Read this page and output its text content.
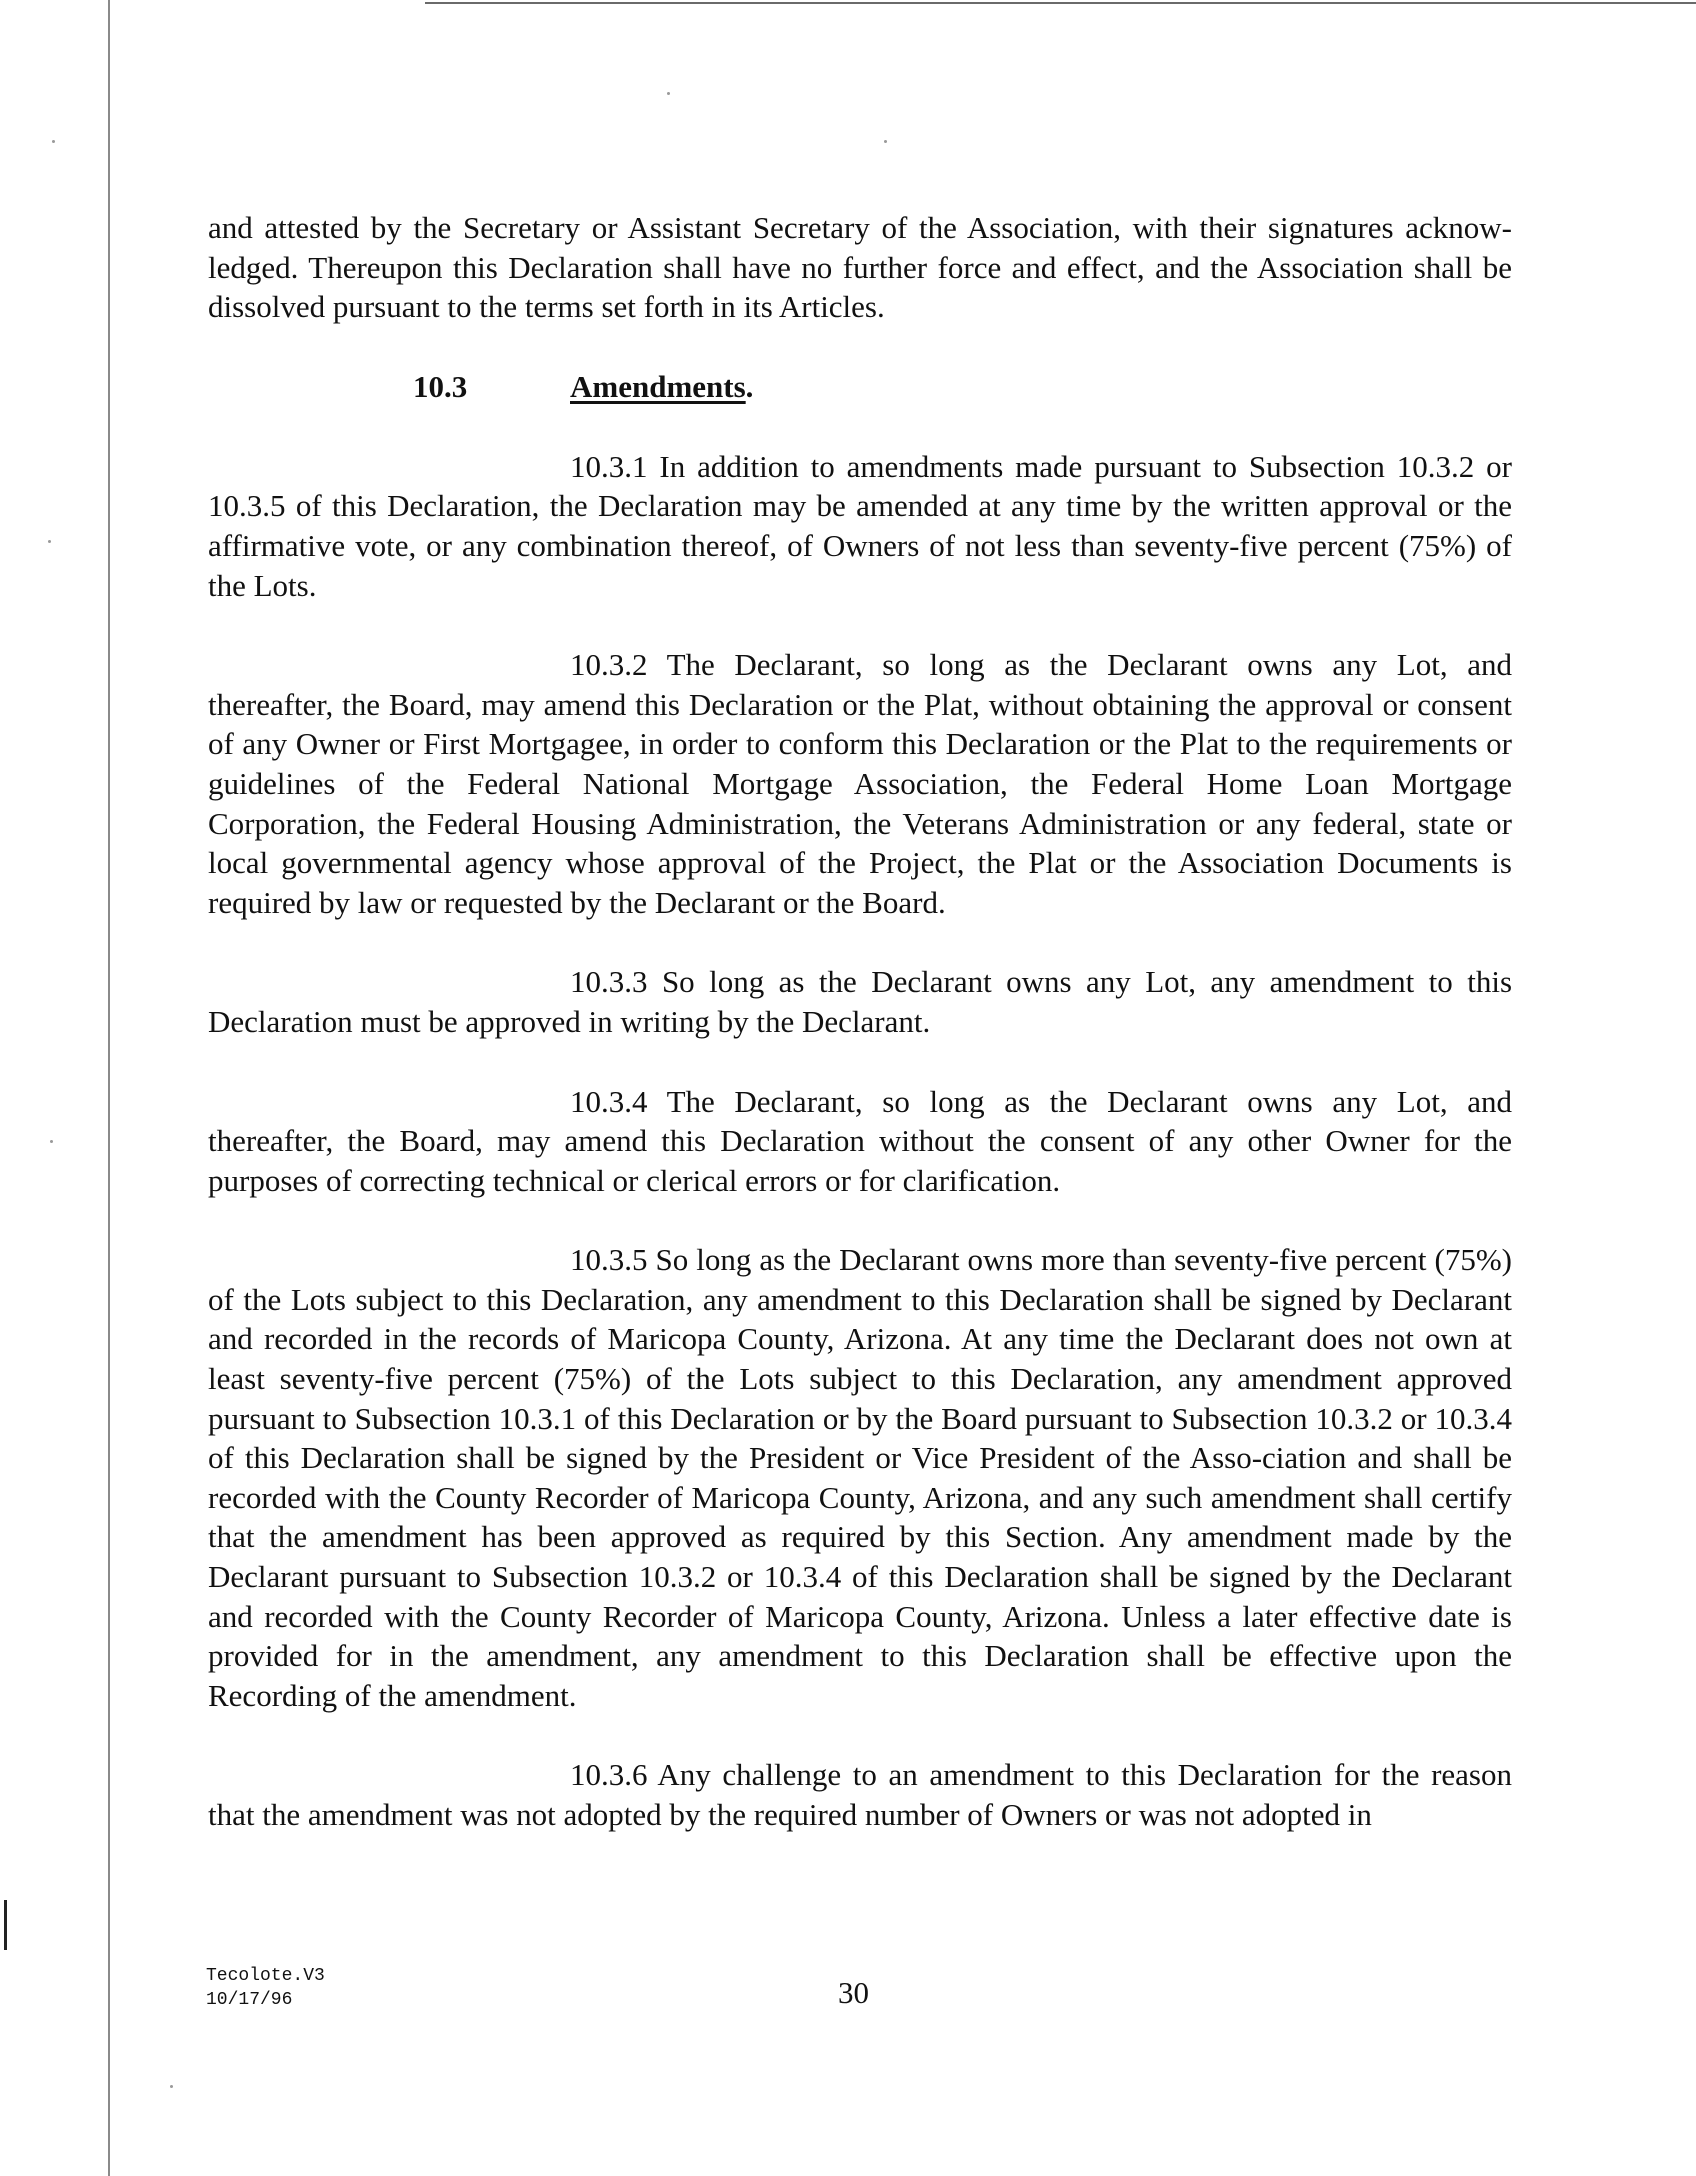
and attested by the Secretary or Assistant Secretary of the Association, with their signatures acknow-ledged. Thereupon this Declaration shall have no further force and effect, and the Association shall be dissolved pursuant to the terms set forth in its Articles.

10.3	Amendments.

10.3.1 In addition to amendments made pursuant to Subsection 10.3.2 or 10.3.5 of this Declaration, the Declaration may be amended at any time by the written approval or the affirmative vote, or any combination thereof, of Owners of not less than seventy-five percent (75%) of the Lots.

10.3.2 The Declarant, so long as the Declarant owns any Lot, and thereafter, the Board, may amend this Declaration or the Plat, without obtaining the approval or consent of any Owner or First Mortgagee, in order to conform this Declaration or the Plat to the requirements or guidelines of the Federal National Mortgage Association, the Federal Home Loan Mortgage Corporation, the Federal Housing Administration, the Veterans Administration or any federal, state or local governmental agency whose approval of the Project, the Plat or the Association Documents is required by law or requested by the Declarant or the Board.

10.3.3 So long as the Declarant owns any Lot, any amendment to this Declaration must be approved in writing by the Declarant.

10.3.4 The Declarant, so long as the Declarant owns any Lot, and thereafter, the Board, may amend this Declaration without the consent of any other Owner for the purposes of correcting technical or clerical errors or for clarification.

10.3.5 So long as the Declarant owns more than seventy-five percent (75%) of the Lots subject to this Declaration, any amendment to this Declaration shall be signed by Declarant and recorded in the records of Maricopa County, Arizona. At any time the Declarant does not own at least seventy-five percent (75%) of the Lots subject to this Declaration, any amendment approved pursuant to Subsection 10.3.1 of this Declaration or by the Board pursuant to Subsection 10.3.2 or 10.3.4 of this Declaration shall be signed by the President or Vice President of the Asso-ciation and shall be recorded with the County Recorder of Maricopa County, Arizona, and any such amendment shall certify that the amendment has been approved as required by this Section. Any amendment made by the Declarant pursuant to Subsection 10.3.2 or 10.3.4 of this Declaration shall be signed by the Declarant and recorded with the County Recorder of Maricopa County, Arizona. Unless a later effective date is provided for in the amendment, any amendment to this Declaration shall be effective upon the Recording of the amendment.

10.3.6 Any challenge to an amendment to this Declaration for the reason that the amendment was not adopted by the required number of Owners or was not adopted in

Tecolote.V3
10/17/96	30
